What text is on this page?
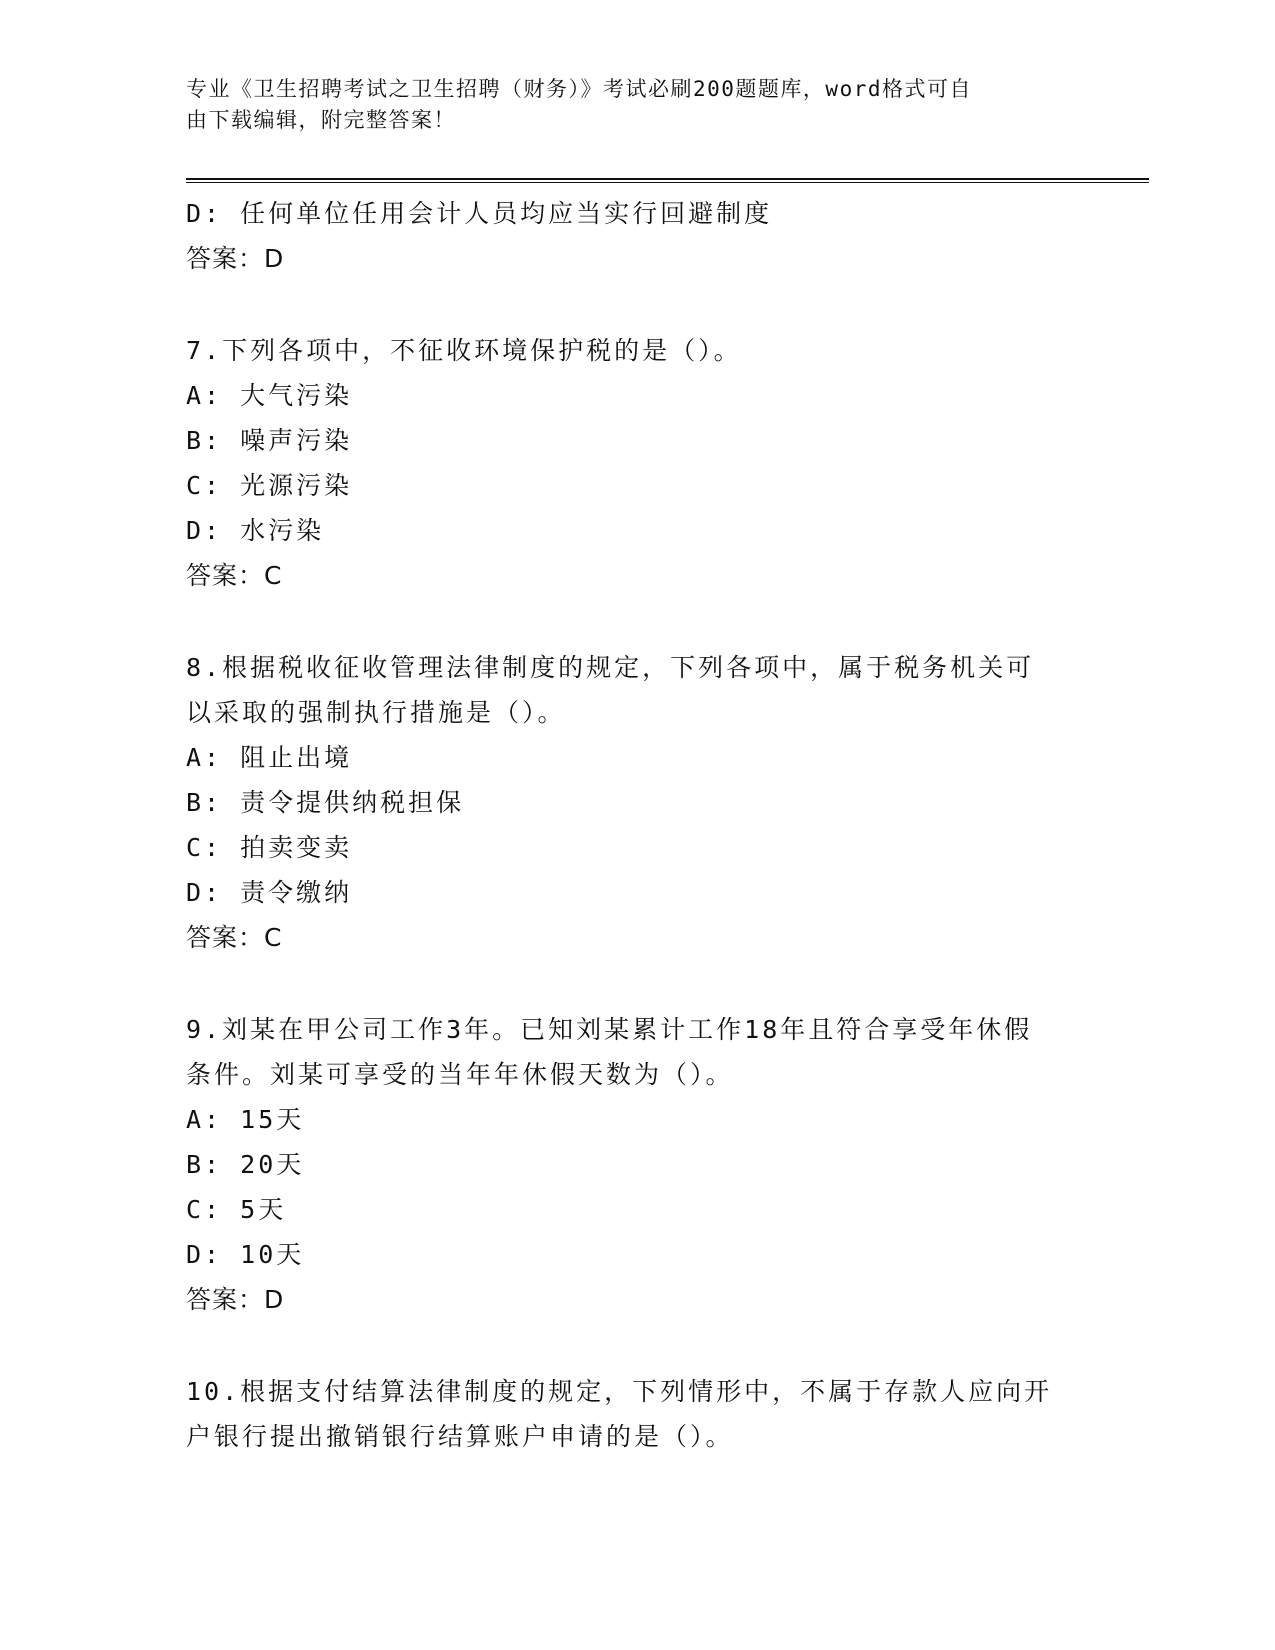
专业《卫生招聘考试之卫生招聘（财务）》考试必刷200题题库，word格式可自
由下载编辑，附完整答案！
D: 任何单位任用会计人员均应当实行回避制度
答案：D
7.下列各项中，不征收环境保护税的是（）。
A: 大气污染
B: 噪声污染
C: 光源污染
D: 水污染
答案：C
8.根据税收征收管理法律制度的规定，下列各项中，属于税务机关可
以采取的强制执行措施是（）。
A: 阻止出境
B: 责令提供纳税担保
C: 拍卖变卖
D: 责令缴纳
答案：C
9.刘某在甲公司工作3年。已知刘某累计工作18年且符合享受年休假
条件。刘某可享受的当年年休假天数为（）。
A: 15天
B: 20天
C: 5天
D: 10天
答案：D
10.根据支付结算法律制度的规定，下列情形中，不属于存款人应向开
户银行提出撤销银行结算账户申请的是（）。
